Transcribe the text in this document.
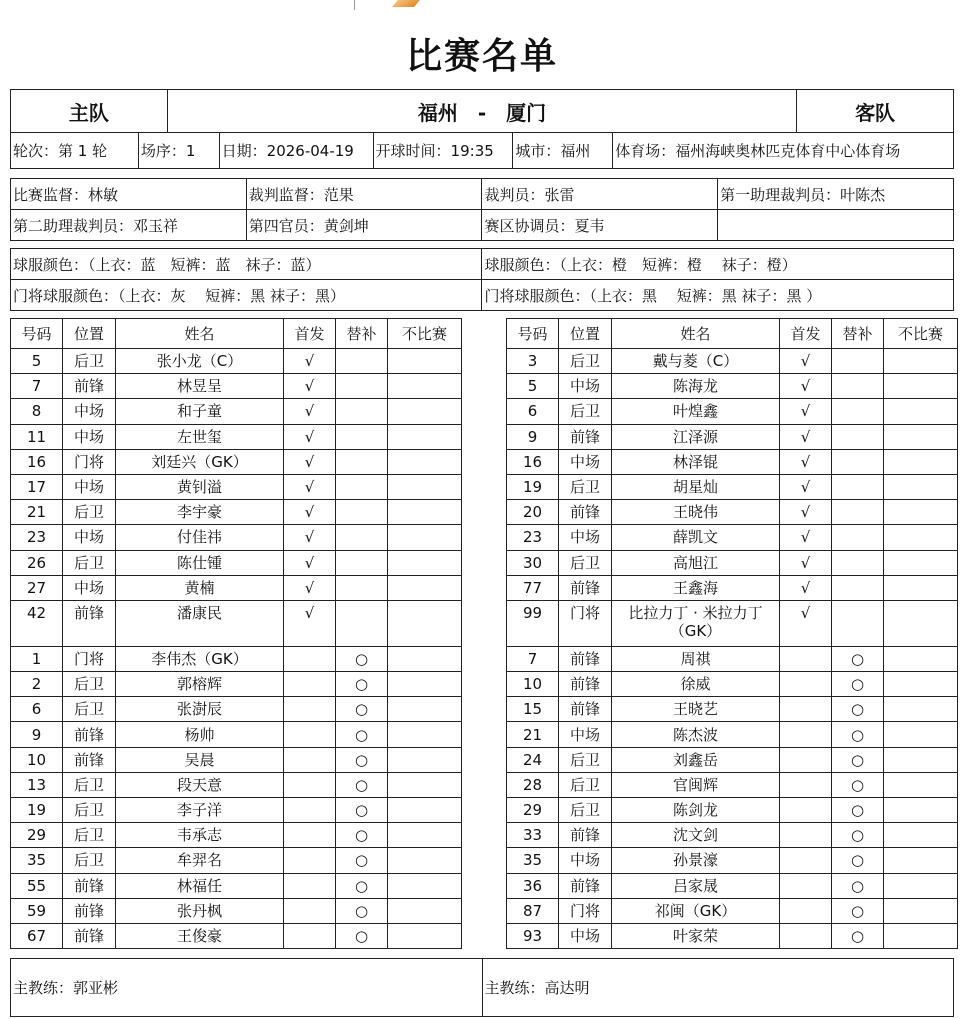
比赛名单
主队	福州　-　厦门	客队
轮次：第 1 轮	场序：1	日期：2026-04-19	开球时间：19:35	城市：福州	体育场：福州海峡奥林匹克体育中心体育场
比赛监督：林敏	裁判监督：范果	裁判员：张雷	第一助理裁判员：叶陈杰
第二助理裁判员：邓玉祥	第四官员：黄剑坤	赛区协调员：夏韦	
球服颜色：（上衣：蓝　短裤：蓝　袜子：蓝）	球服颜色：（上衣：橙　短裤：橙　 袜子：橙）
门将球服颜色：（上衣：灰　 短裤：黑 袜子：黑）	门将球服颜色：（上衣：黑　 短裤：黑 袜子：黑 ）
号码	位置	姓名	首发	替补	不比赛		号码	位置	姓名	首发	替补	不比赛
5	后卫	张小龙（C）	√				3	后卫	戴与菱（C）	√		
7	前锋	林昱呈	√				5	中场	陈海龙	√		
8	中场	和子童	√				6	后卫	叶煌鑫	√		
11	中场	左世玺	√				9	前锋	江泽源	√		
16	门将	刘廷兴（GK）	√				16	中场	林泽锟	√		
17	中场	黄钊溢	√				19	后卫	胡星灿	√		
21	后卫	李宇豪	√				20	前锋	王晓伟	√		
23	中场	付佳祎	√				23	中场	薛凯文	√		
26	后卫	陈仕锺	√				30	后卫	高旭江	√		
27	中场	黄楠	√				77	前锋	王鑫海	√		
42	前锋	潘康民	√				99	门将	比拉力丁 · 米拉力丁（GK）	√		
1	门将	李伟杰（GK）		○			7	前锋	周祺		○	
2	后卫	郭榕辉		○			10	前锋	徐威		○	
6	后卫	张澍辰		○			15	前锋	王晓艺		○	
9	前锋	杨帅		○			21	中场	陈杰波		○	
10	前锋	吴晨		○			24	后卫	刘鑫岳		○	
13	后卫	段天意		○			28	后卫	官闽辉		○	
19	后卫	李子洋		○			29	后卫	陈剑龙		○	
29	后卫	韦承志		○			33	前锋	沈文剑		○	
35	后卫	牟羿名		○			35	中场	孙景濠		○	
55	前锋	林福任		○			36	前锋	吕家晟		○	
59	前锋	张丹枫		○			87	门将	祁闽（GK）		○	
67	前锋	王俊豪		○			93	中场	叶家荣		○	
主教练：郭亚彬	主教练：高达明
